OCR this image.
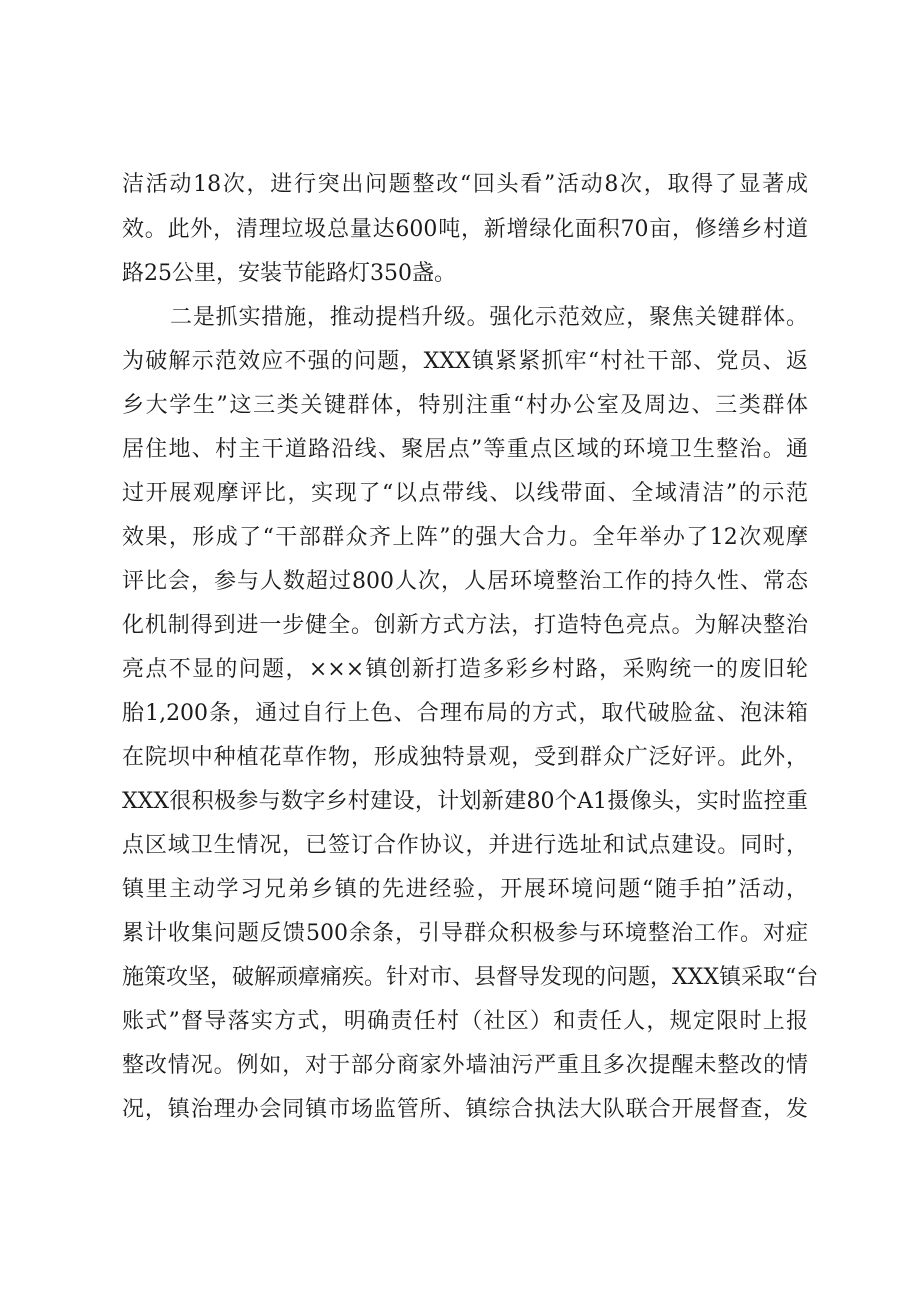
洁活动18次，进行突出问题整改“回头看”活动8次，取得了显著成
效。此外，清理垃圾总量达600吨，新增绿化面积70亩，修缮乡村道
路25公里，安装节能路灯350盏。
二是抓实措施，推动提档升级。强化示范效应，聚焦关键群体。
为破解示范效应不强的问题，XXX镇紧紧抓牢“村社干部、党员、返
乡大学生”这三类关键群体，特别注重“村办公室及周边、三类群体
居住地、村主干道路沿线、聚居点”等重点区域的环境卫生整治。通
过开展观摩评比，实现了“以点带线、以线带面、全域清洁”的示范
效果，形成了“干部群众齐上阵”的强大合力。全年举办了12次观摩
评比会，参与人数超过800人次，人居环境整治工作的持久性、常态
化机制得到进一步健全。创新方式方法，打造特色亮点。为解决整治
亮点不显的问题，×××镇创新打造多彩乡村路，采购统一的废旧轮
胎1,200条，通过自行上色、合理布局的方式，取代破脸盆、泡沫箱
在院坝中种植花草作物，形成独特景观，受到群众广泛好评。此外，
XXX很积极参与数字乡村建设，计划新建80个A1摄像头，实时监控重
点区域卫生情况，已签订合作协议，并进行选址和试点建设。同时，
镇里主动学习兄弟乡镇的先进经验，开展环境问题“随手拍”活动，
累计收集问题反馈500余条，引导群众积极参与环境整治工作。对症
施策攻坚，破解顽瘴痛疾。针对市、县督导发现的问题，XXX镇采取“台
账式”督导落实方式，明确责任村（社区）和责任人，规定限时上报
整改情况。例如，对于部分商家外墙油污严重且多次提醒未整改的情
况，镇治理办会同镇市场监管所、镇综合执法大队联合开展督查，发
